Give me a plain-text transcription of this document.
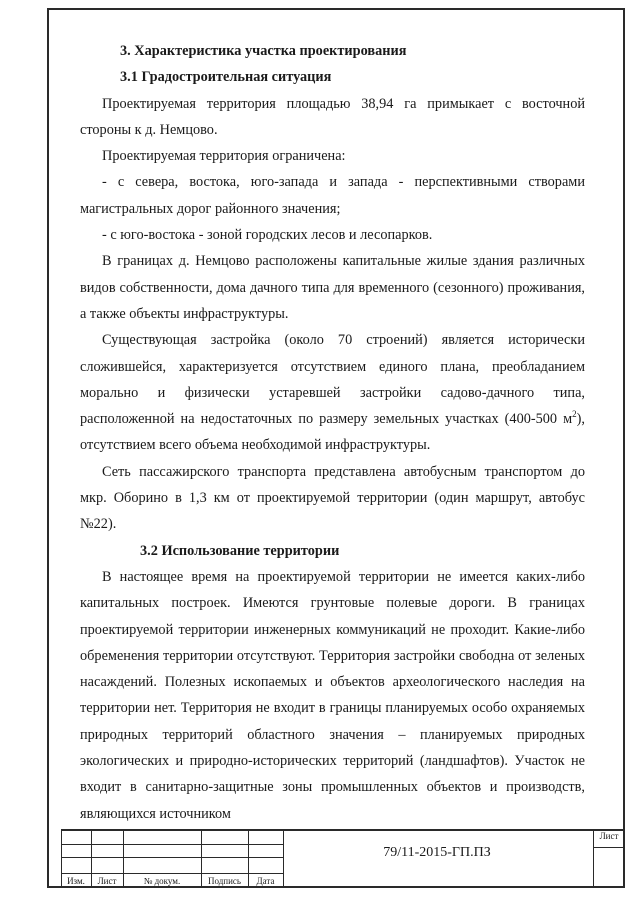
3. Характеристика участка проектирования

3.1 Градостроительная ситуация

Проектируемая территория площадью 38,94 га примыкает с восточной стороны к д. Немцово.

Проектируемая территория ограничена:

- с севера, востока, юго-запада и запада - перспективными створами магистральных дорог районного значения;

- с юго-востока - зоной городских лесов и лесопарков.

В границах д. Немцово расположены капитальные жилые здания различных видов собственности, дома дачного типа для временного (сезонного) проживания, а также объекты инфраструктуры.

Существующая застройка (около 70 строений) является исторически сложившейся, характеризуется отсутствием единого плана, преобладанием морально и физически устаревшей застройки садово-дачного типа, расположенной на недостаточных по размеру земельных участках (400-500 $м^2$), отсутствием всего объема необходимой инфраструктуры.

Сеть пассажирского транспорта представлена автобусным транспортом до мкр. Оборино в 1,3 км от проектируемой территории (один маршрут, автобус №22).

3.2 Использование территории

В настоящее время на проектируемой территории не имеется каких-либо капитальных построек. Имеются грунтовые полевые дороги. В границах проектируемой территории инженерных коммуникаций не проходит. Какие-либо обременения территории отсутствуют. Территория застройки свободна от зеленых насаждений. Полезных ископаемых и объектов археологического наследия на территории нет. Территория не входит в границы планируемых особо охраняемых природных территорий областного значения – планируемых природных экологических и природно-исторических территорий (ландшафтов). Участок не входит в санитарно-защитные зоны промышленных объектов и производств, являющихся источником

Изм.	Лист	№ докум.	Подпись	Дата
79/11-2015-ГП.ПЗ
Лист
